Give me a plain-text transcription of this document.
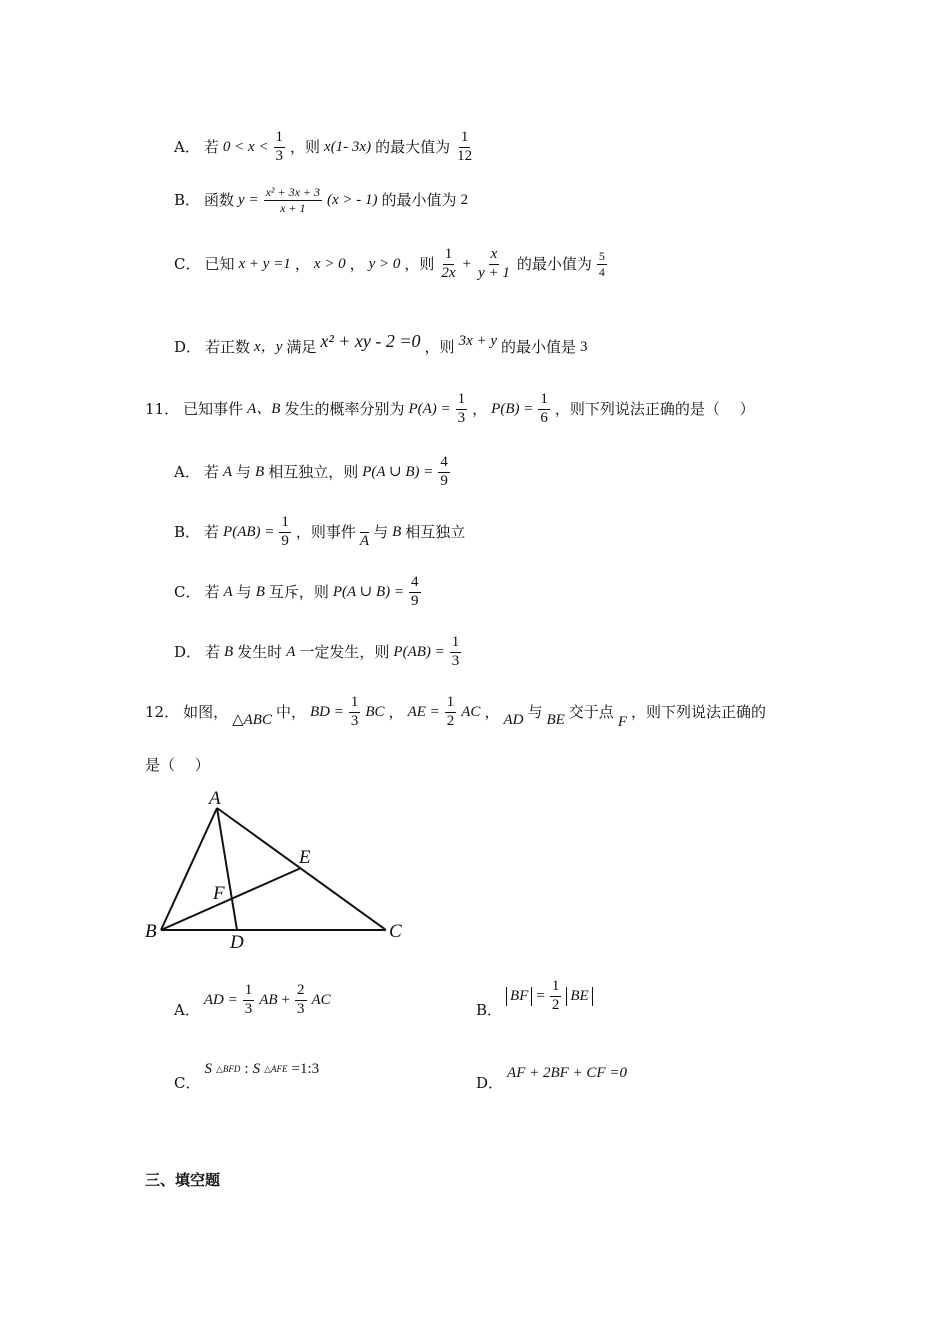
A． 若 $0 < x < \frac{1}{3}$ ，则 x(1- 3x) 的最大值为 $\frac{1}{12}$
B． 函数 $y = \frac{\text{x² + 3x + 3}}{x + 1} (x$ > - 1) 的最小值为 2
C． 已知 x + y =1 ， x > 0 ， y > 0 ，则 $\frac{1}{2x} + \frac{x}{y + 1}$ 的最小值为 $\frac{5}{4}$
D． 若正数 x，y 满足 x² + xy - 2 =0 ，则 3x + y 的最小值是 3
11． 已知事件 A、B 发生的概率分别为 $P(A) = \frac{1}{3}$ ， $P(B) = \frac{1}{6}$ ，则下列说法正确的是（　 ）
A． 若 A 与 B 相互独立，则 P(A ∪ $B) = \frac{4}{9}$
B． 若 $P(AB) = \frac{1}{9}$ ，则事件 $\overline{A}$ 与 B 相互独立
C． 若 A 与 B 互斥，则 P(A ∪ $B) = \frac{4}{9}$
D． 若 B 发生时 A 一定发生，则 $P(AB) = \frac{1}{3}$
12． 如图， △ABC 中， BD = $\frac{1}{3}$ BC ， AE = $\frac{1}{2}$ AC ， AD 与 BE 交于点
F
，则下列说法正确的
是（　 ）
A
B	C
D
E
F
A．
AD = $\frac{1}{3}$ AB + $\frac{2}{3}$ AC
B．
BF = $\frac{1}{2}$ BE
C．
S △BFD : S △AFE =1:3
D．
AF + 2BF + CF =0
三、填空题
